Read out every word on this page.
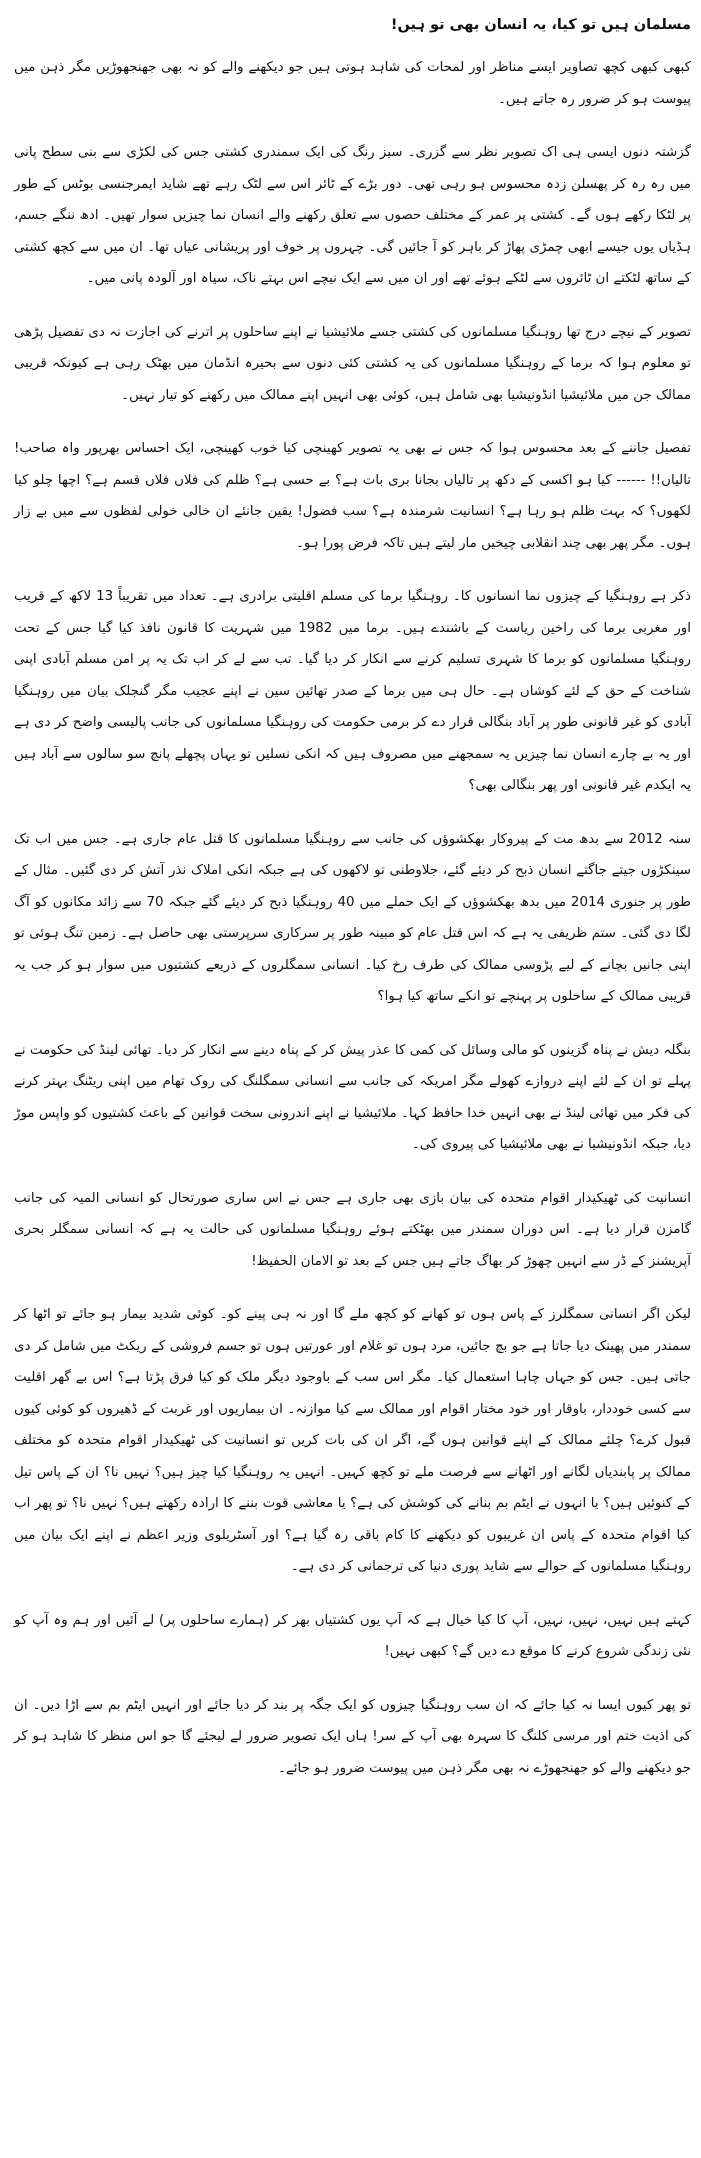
مسلمان ہیں تو کیا، یہ انسان بھی تو ہیں!

کبھی کبھی کچھ تصاویر ایسے مناظر اور لمحات کی شاہد ہوتی ہیں جو دیکھنے والے کو نہ بھی جھنجھوڑیں مگر ذہن میں پیوست ہو کر ضرور رہ جاتے ہیں۔

گزشتہ دنوں ایسی ہی اک تصویر نظر سے گزری۔ سبز رنگ کی ایک سمندری کشتی جس کی لکڑی سے بنی سطح پانی میں رہ رہ کر پھسلن زدہ محسوس ہو رہی تھی۔ دور بڑے کے ٹائر اس سے لٹک رہے تھے شاید ایمرجنسی بوٹس کے طور پر لٹکا رکھے ہوں گے۔ کشتی پر عمر کے مختلف حصوں سے تعلق رکھنے والے انسان نما چیزیں سوار تھیں۔ ادھ ننگے جسم، ہڈیاں یوں جیسے ابھی چمڑی پھاڑ کر باہر کو آ جائیں گی۔ چہروں پر خوف اور پریشانی عیاں تھا۔ ان میں سے کچھ کشتی کے ساتھ لٹکتے ان ٹائروں سے لٹکے ہوئے تھے اور ان میں سے ایک نیچے اس بہتے ناک، سیاہ اور آلودہ پانی میں۔

تصویر کے نیچے درج تھا روہنگیا مسلمانوں کی کشتی جسے ملائیشیا نے اپنے ساحلوں پر اترنے کی اجازت نہ دی تفصیل پڑھی تو معلوم ہوا کہ برما کے روہنگیا مسلمانوں کی یہ کشتی کئی دنوں سے بحیرہ انڈمان میں بھٹک رہی ہے کیونکہ قریبی ممالک جن میں ملائیشیا انڈونیشیا بھی شامل ہیں، کوئی بھی انہیں اپنے ممالک میں رکھنے کو تیار نہیں۔

تفصیل جاننے کے بعد محسوس ہوا کہ جس نے بھی یہ تصویر کھینچی کیا خوب کھینچی، ایک احساس بھرپور واہ صاحب! تالیاں!! ------ کیا ہو اکسی کے دکھ پر تالیاں بجانا بری بات ہے؟ بے حسی ہے؟ ظلم کی فلاں فلاں قسم ہے؟ اچھا چلو کیا لکھوں؟ کہ بہت ظلم ہو رہا ہے؟ انسانیت شرمندہ ہے؟ سب فضول! یقین جانئے ان خالی خولی لفظوں سے میں بے زار ہوں۔ مگر پھر بھی چند انقلابی چیخیں مار لیتے ہیں تاکہ فرض پورا ہو۔

ذکر ہے روہنگیا کے چیزوں نما انسانوں کا۔ روہنگیا برما کی مسلم اقلیتی برادری ہے۔ تعداد میں تقریباً 13 لاکھ کے قریب اور مغربی برما کی راخین ریاست کے باشندے ہیں۔ برما میں 1982 میں شہریت کا قانون نافذ کیا گیا جس کے تحت روہنگیا مسلمانوں کو برما کا شہری تسلیم کرنے سے انکار کر دیا گیا۔ تب سے لے کر اب تک یہ پر امن مسلم آبادی اپنی شناخت کے حق کے لئے کوشاں ہے۔ حال ہی میں برما کے صدر تھائین سین نے اپنے عجیب مگر گنجلک بیان میں روہنگیا آبادی کو غیر قانونی طور پر آباد بنگالی قرار دے کر برمی حکومت کی روہنگیا مسلمانوں کی جانب پالیسی واضح کر دی ہے اور یہ بے چارے انسان نما چیزیں یہ سمجھنے میں مصروف ہیں کہ انکی نسلیں تو یہاں پچھلے پانچ سو سالوں سے آباد ہیں یہ ایکدم غیر قانونی اور پھر بنگالی بھی؟

سنہ 2012 سے بدھ مت کے پیروکار بھکشوؤں کی جانب سے روہنگیا مسلمانوں کا قتل عام جاری ہے۔ جس میں اب تک سینکڑوں جیتے جاگتے انسان ذبح کر دیئے گئے، جلاوطنی تو لاکھوں کی ہے جبکہ انکی املاک نذر آتش کر دی گئیں۔ مثال کے طور پر جنوری 2014 میں بدھ بھکشوؤں کے ایک حملے میں 40 روہنگیا ذبح کر دیئے گئے جبکہ 70 سے زائد مکانوں کو آگ لگا دی گئی۔ ستم ظریفی یہ ہے کہ اس قتل عام کو مبینہ طور پر سرکاری سرپرستی بھی حاصل ہے۔ زمین تنگ ہوئی تو اپنی جانیں بچانے کے لیے پڑوسی ممالک کی طرف رخ کیا۔ انسانی سمگلروں کے ذریعے کشتیوں میں سوار ہو کر جب یہ قریبی ممالک کے ساحلوں پر پہنچے تو انکے ساتھ کیا ہوا؟

بنگلہ دیش نے پناہ گزینوں کو مالی وسائل کی کمی کا عذر پیش کر کے پناہ دینے سے انکار کر دیا۔ تھائی لینڈ کی حکومت نے پہلے تو ان کے لئے اپنے دروازے کھولے مگر امریکہ کی جانب سے انسانی سمگلنگ کی روک تھام میں اپنی ریٹنگ بہتر کرنے کی فکر میں تھائی لینڈ نے بھی انہیں خدا حافظ کہا۔ ملائیشیا نے اپنے اندرونی سخت قوانین کے باعث کشتیوں کو واپس موڑ دیا، جبکہ انڈونیشیا نے بھی ملائیشیا کی پیروی کی۔

انسانیت کی ٹھیکیدار اقوام متحدہ کی بیان بازی بھی جاری ہے جس نے اس ساری صورتحال کو انسانی المیہ کی جانب گامزن قرار دیا ہے۔ اس دوران سمندر میں بھٹکتے ہوئے روہنگیا مسلمانوں کی حالت یہ ہے کہ انسانی سمگلر بحری آپریشنز کے ڈر سے انہیں چھوڑ کر بھاگ جاتے ہیں جس کے بعد تو الامان الحفیظ!

لیکن اگر انسانی سمگلرز کے پاس ہوں تو کھانے کو کچھ ملے گا اور نہ ہی پینے کو۔ کوئی شدید بیمار ہو جائے تو اٹھا کر سمندر میں پھینک دیا جاتا ہے جو بچ جائیں، مرد ہوں تو غلام اور عورتیں ہوں تو جسم فروشی کے ریکٹ میں شامل کر دی جاتی ہیں۔ جس کو جہاں چاہا استعمال کیا۔ مگر اس سب کے باوجود دیگر ملک کو کیا فرق پڑتا ہے؟ اس بے گھر اقلیت سے کسی خوددار، باوقار اور خود مختار اقوام اور ممالک سے کیا موازنہ۔ ان بیماریوں اور غربت کے ڈھیروں کو کوئی کیوں قبول کرے؟ چلئے ممالک کے اپنے قوانین ہوں گے، اگر ان کی بات کریں تو انسانیت کی ٹھیکیدار اقوام متحدہ کو مختلف ممالک پر پابندیاں لگانے اور اٹھانے سے فرصت ملے تو کچھ کہیں۔ انہیں یہ روہنگیا کیا چیز ہیں؟ نہیں نا؟ ان کے پاس تیل کے کنوئیں ہیں؟ یا انہوں نے ایٹم بم بنانے کی کوشش کی ہے؟ یا معاشی قوت بننے کا ارادہ رکھتے ہیں؟ نہیں نا؟ تو پھر اب کیا اقوام متحدہ کے پاس ان غریبوں کو دیکھنے کا کام باقی رہ گیا ہے؟ اور آسٹریلوی وزیر اعظم نے اپنے ایک بیان میں روہنگیا مسلمانوں کے حوالے سے شاید پوری دنیا کی ترجمانی کر دی ہے۔

کہتے ہیں نہیں، نہیں، نہیں، آپ کا کیا خیال ہے کہ آپ یوں کشتیاں بھر کر (ہمارے ساحلوں پر) لے آئیں اور ہم وہ آپ کو نئی زندگی شروع کرنے کا موقع دے دیں گے؟ کبھی نہیں!

تو پھر کیوں ایسا نہ کیا جائے کہ ان سب روہنگیا چیزوں کو ایک جگہ پر بند کر دیا جائے اور انہیں ایٹم بم سے اڑا دیں۔ ان کی اذیت ختم اور مرسی کلنگ کا سہرہ بھی آپ کے سر! ہاں ایک تصویر ضرور لے لیجئے گا جو اس منظر کا شاہد ہو کر جو دیکھنے والے کو جھنجھوڑے نہ بھی مگر ذہن میں پیوست ضرور ہو جائے۔
